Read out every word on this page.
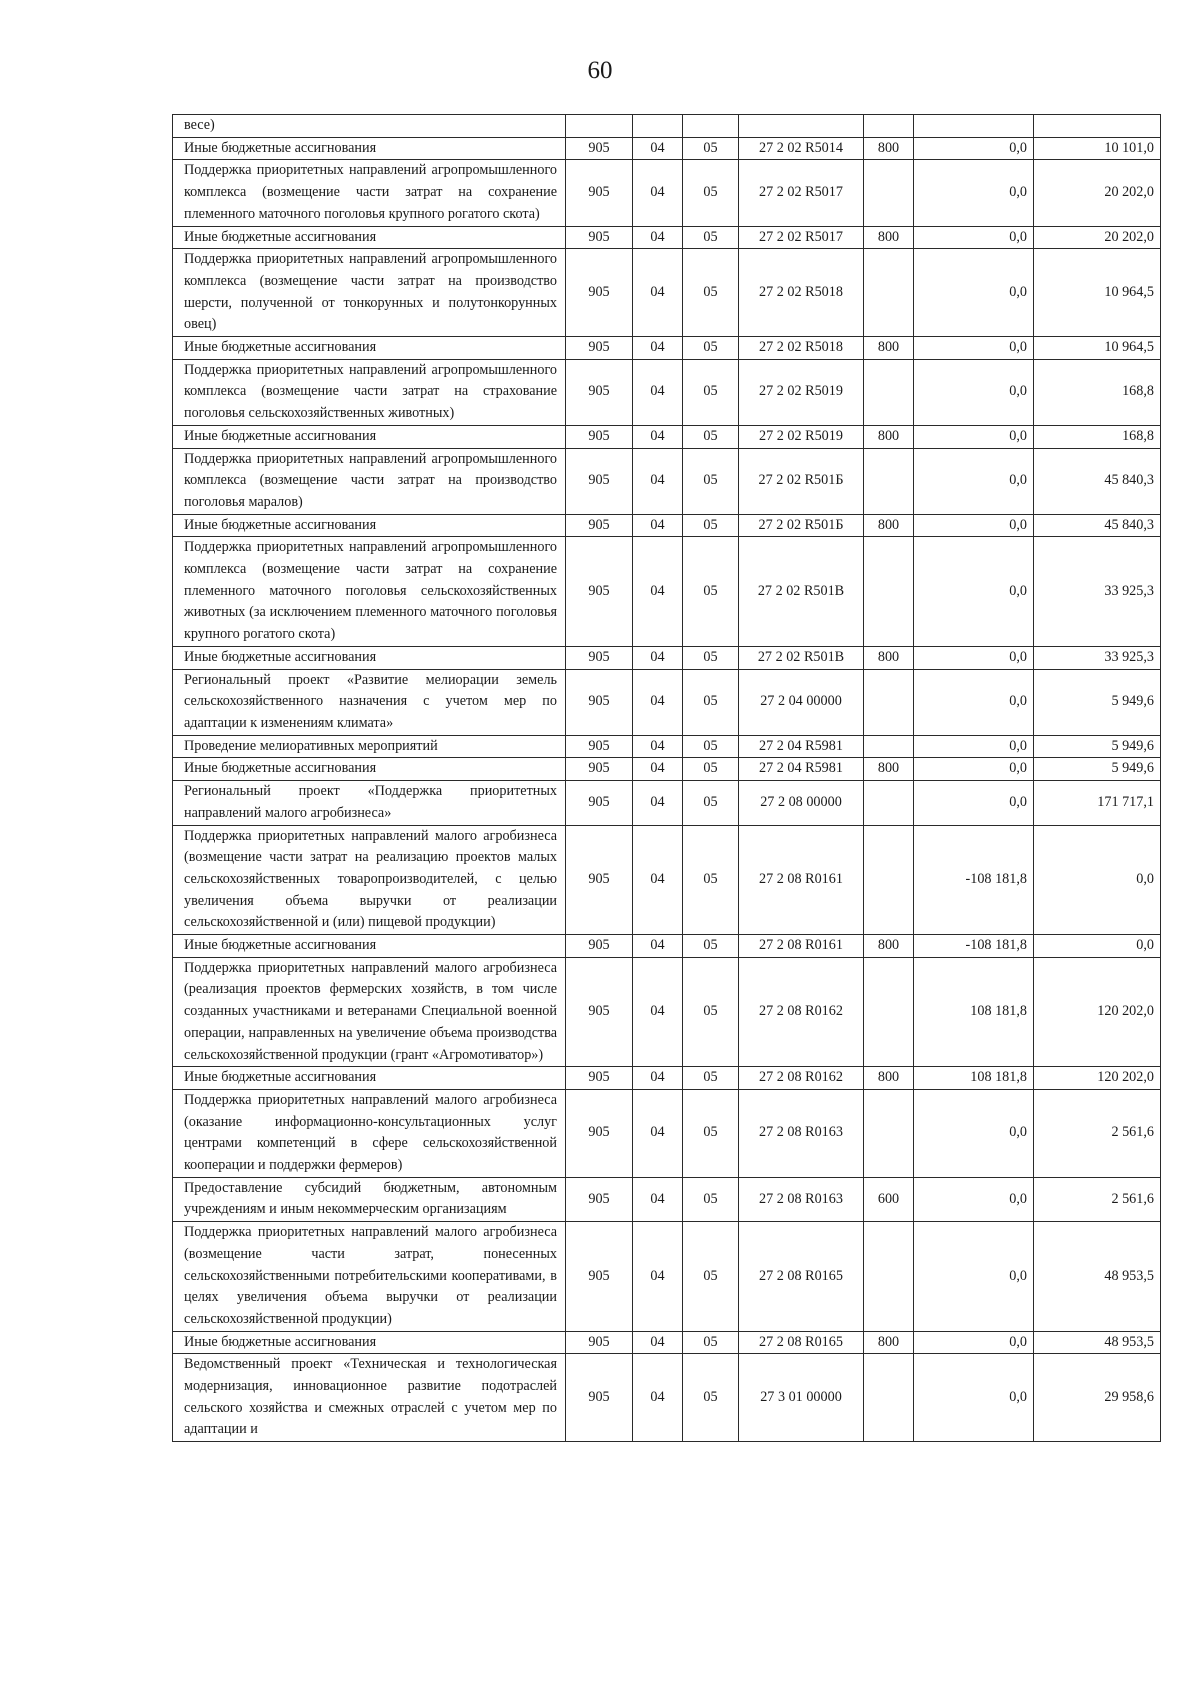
60
весе)							
Иные бюджетные ассигнования	905	04	05	27 2 02 R5014	800	0,0	10 101,0
Поддержка приоритетных направлений агропромышленного комплекса (возмещение части затрат на сохранение племенного маточного поголовья крупного рогатого скота)	905	04	05	27 2 02 R5017		0,0	20 202,0
Иные бюджетные ассигнования	905	04	05	27 2 02 R5017	800	0,0	20 202,0
Поддержка приоритетных направлений агропромышленного комплекса (возмещение части затрат на производство шерсти, полученной от тонкорунных и полутонкорунных овец)	905	04	05	27 2 02 R5018		0,0	10 964,5
Иные бюджетные ассигнования	905	04	05	27 2 02 R5018	800	0,0	10 964,5
Поддержка приоритетных направлений агропромышленного комплекса (возмещение части затрат на страхование поголовья сельскохозяйственных животных)	905	04	05	27 2 02 R5019		0,0	168,8
Иные бюджетные ассигнования	905	04	05	27 2 02 R5019	800	0,0	168,8
Поддержка приоритетных направлений агропромышленного комплекса (возмещение части затрат на производство поголовья маралов)	905	04	05	27 2 02 R501Б		0,0	45 840,3
Иные бюджетные ассигнования	905	04	05	27 2 02 R501Б	800	0,0	45 840,3
Поддержка приоритетных направлений агропромышленного комплекса (возмещение части затрат на сохранение племенного маточного поголовья сельскохозяйственных животных (за исключением племенного маточного поголовья крупного рогатого скота)	905	04	05	27 2 02 R501В		0,0	33 925,3
Иные бюджетные ассигнования	905	04	05	27 2 02 R501В	800	0,0	33 925,3
Региональный проект «Развитие мелиорации земель сельскохозяйственного назначения с учетом мер по адаптации к изменениям климата»	905	04	05	27 2 04 00000		0,0	5 949,6
Проведение мелиоративных мероприятий	905	04	05	27 2 04 R5981		0,0	5 949,6
Иные бюджетные ассигнования	905	04	05	27 2 04 R5981	800	0,0	5 949,6
Региональный проект «Поддержка приоритетных направлений малого агробизнеса»	905	04	05	27 2 08 00000		0,0	171 717,1
Поддержка приоритетных направлений малого агробизнеса (возмещение части затрат на реализацию проектов малых сельскохозяйственных товаропроизводителей, с целью увеличения объема выручки от реализации сельскохозяйственной и (или) пищевой продукции)	905	04	05	27 2 08 R0161		-108 181,8	0,0
Иные бюджетные ассигнования	905	04	05	27 2 08 R0161	800	-108 181,8	0,0
Поддержка приоритетных направлений малого агробизнеса (реализация проектов фермерских хозяйств, в том числе созданных участниками и ветеранами Специальной военной операции, направленных на увеличение объема производства сельскохозяйственной продукции (грант «Агромотиватор»)	905	04	05	27 2 08 R0162		108 181,8	120 202,0
Иные бюджетные ассигнования	905	04	05	27 2 08 R0162	800	108 181,8	120 202,0
Поддержка приоритетных направлений малого агробизнеса (оказание информационно-консультационных услуг центрами компетенций в сфере сельскохозяйственной кооперации и поддержки фермеров)	905	04	05	27 2 08 R0163		0,0	2 561,6
Предоставление субсидий бюджетным, автономным учреждениям и иным некоммерческим организациям	905	04	05	27 2 08 R0163	600	0,0	2 561,6
Поддержка приоритетных направлений малого агробизнеса (возмещение части затрат, понесенных сельскохозяйственными потребительскими кооперативами, в целях увеличения объема выручки от реализации сельскохозяйственной продукции)	905	04	05	27 2 08 R0165		0,0	48 953,5
Иные бюджетные ассигнования	905	04	05	27 2 08 R0165	800	0,0	48 953,5
Ведомственный проект «Техническая и технологическая модернизация, инновационное развитие подотраслей сельского хозяйства и смежных отраслей с учетом мер по адаптации и	905	04	05	27 3 01 00000		0,0	29 958,6
